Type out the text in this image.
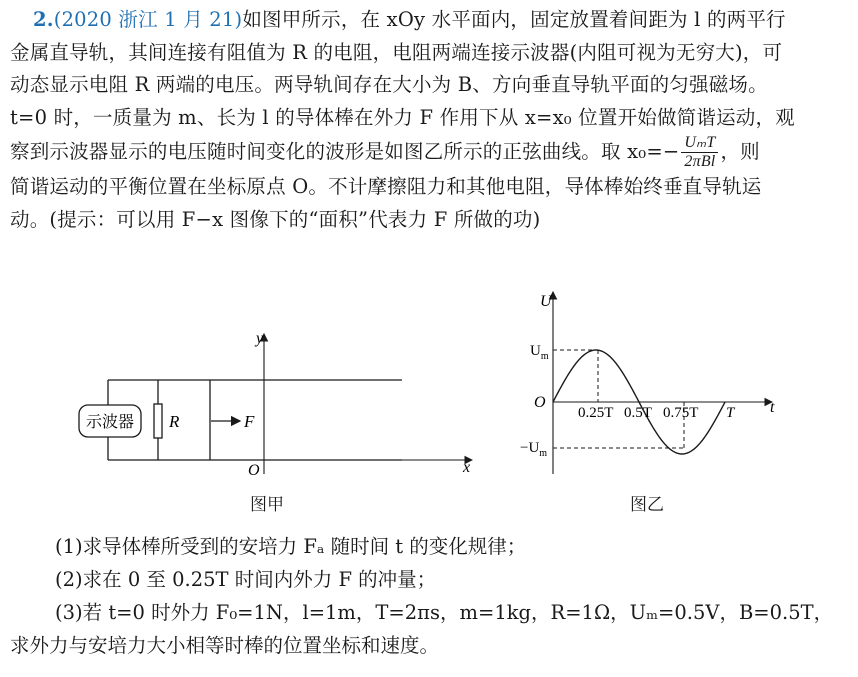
2.(2020 浙江 1 月 21)如图甲所示，在 xOy 水平面内，固定放置着间距为 l 的两平行
金属直导轨，其间连接有阻值为 R 的电阻，电阻两端连接示波器(内阻可视为无穷大)，可
动态显示电阻 R 两端的电压。两导轨间存在大小为 B、方向垂直导轨平面的匀强磁场。
t=0 时，一质量为 m、长为 l 的导体棒在外力 F 作用下从 x=x₀ 位置开始做简谐运动，观
察到示波器显示的电压随时间变化的波形是如图乙所示的正弦曲线。取 $x_0=- \frac{\text{UₘT}}{\text{2πBl}}$ ，则
简谐运动的平衡位置在坐标原点 O。不计摩擦阻力和其他电阻，导体棒始终垂直导轨运
动。(提示：可以用 F−x 图像下的“面积”代表力 F 所做的功)
示波器 R	F
y
x
O
图甲
U
t
O
$U_m$
$-U_m$
0.25T 0.5T 0.75T T
图乙
(1)求导体棒所受到的安培力 Fₐ 随时间 t 的变化规律；
(2)求在 0 至 0.25T 时间内外力 F 的冲量；
(3)若 t=0 时外力 F₀=1N，l=1m，T=2πs，m=1kg，R=1Ω，Uₘ=0.5V，B=0.5T，
求外力与安培力大小相等时棒的位置坐标和速度。
